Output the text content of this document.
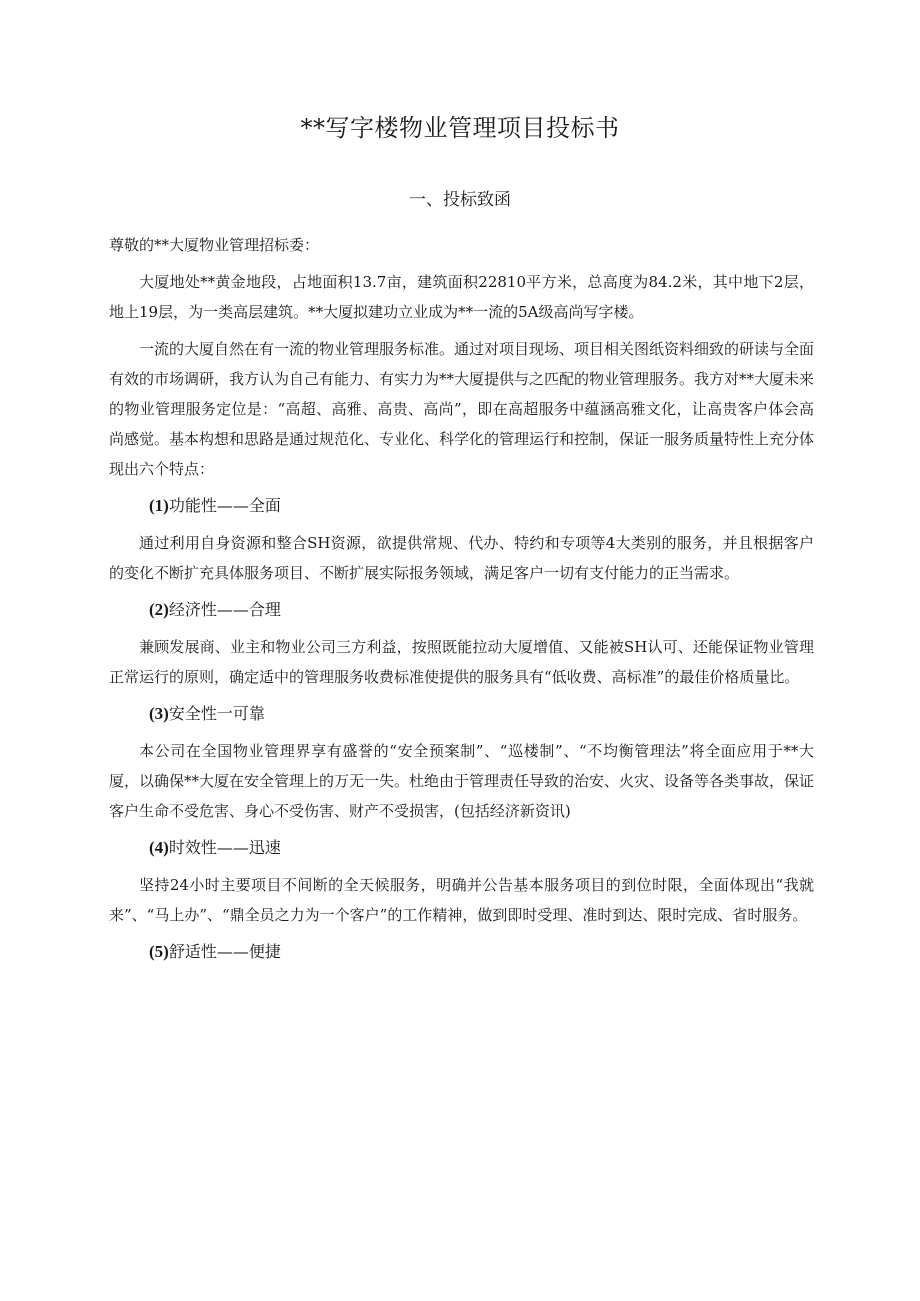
**写字楼物业管理项目投标书
一、投标致函

尊敬的**大厦物业管理招标委：

大厦地处**黄金地段，占地面积13.7亩，建筑面积22810平方米，总高度为84.2米，其中地下2层，地上19层，为一类高层建筑。**大厦拟建功立业成为**一流的5A级高尚写字楼。

一流的大厦自然在有一流的物业管理服务标准。通过对项目现场、项目相关图纸资料细致的研读与全面有效的市场调研，我方认为自己有能力、有实力为**大厦提供与之匹配的物业管理服务。我方对**大厦未来的物业管理服务定位是：“高超、高雅、高贵、高尚”，即在高超服务中蕴涵高雅文化，让高贵客户体会高尚感觉。基本构想和思路是通过规范化、专业化、科学化的管理运行和控制，保证一服务质量特性上充分体现出六个特点：

(1)功能性——全面

通过利用自身资源和整合SH资源，欲提供常规、代办、特约和专项等4大类别的服务，并且根据客户的变化不断扩充具体服务项目、不断扩展实际报务领域，满足客户一切有支付能力的正当需求。

(2)经济性——合理

兼顾发展商、业主和物业公司三方利益，按照既能拉动大厦增值、又能被SH认可、还能保证物业管理正常运行的原则，确定适中的管理服务收费标准使提供的服务具有“低收费、高标准”的最佳价格质量比。

(3)安全性一可靠

本公司在全国物业管理界享有盛誉的“安全预案制”、“巡楼制”、“不均衡管理法”将全面应用于**大厦，以确保**大厦在安全管理上的万无一失。杜绝由于管理责任导致的治安、火灾、设备等各类事故，保证客户生命不受危害、身心不受伤害、财产不受损害，(包括经济新资讯)

(4)时效性——迅速

坚持24小时主要项目不间断的全天候服务，明确并公告基本服务项目的到位时限，全面体现出“我就来”、“马上办”、“鼎全员之力为一个客户”的工作精神，做到即时受理、准时到达、限时完成、省时服务。

(5)舒适性——便捷
